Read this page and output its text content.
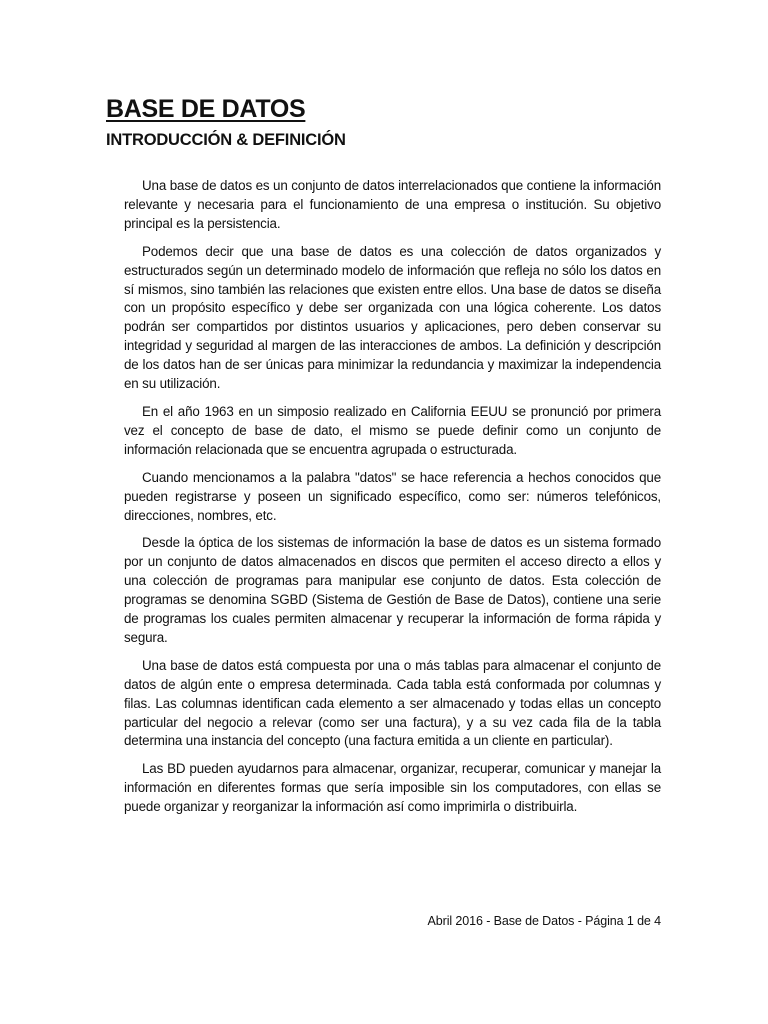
BASE DE DATOS
INTRODUCCIÓN & DEFINICIÓN

Una base de datos es un conjunto de datos interrelacionados que contiene la información relevante y necesaria para el funcionamiento de una empresa o institución. Su objetivo principal es la persistencia.

Podemos decir que una base de datos es una colección de datos organizados y estructurados según un determinado modelo de información que refleja no sólo los datos en sí mismos, sino también las relaciones que existen entre ellos. Una base de datos se diseña con un propósito específico y debe ser organizada con una lógica coherente. Los datos podrán ser compartidos por distintos usuarios y aplicaciones, pero deben conservar su integridad y seguridad al margen de las interacciones de ambos. La definición y descripción de los datos han de ser únicas para minimizar la redundancia y maximizar la independencia en su utilización.

En el año 1963 en un simposio realizado en California EEUU se pronunció por primera vez el concepto de base de dato, el mismo se puede definir como un conjunto de información relacionada que se encuentra agrupada o estructurada.

Cuando mencionamos a la palabra "datos" se hace referencia a hechos conocidos que pueden registrarse y poseen un significado específico, como ser: números telefónicos, direcciones, nombres, etc.

Desde la óptica de los sistemas de información la base de datos es un sistema formado por un conjunto de datos almacenados en discos que permiten el acceso directo a ellos y una colección de programas para manipular ese conjunto de datos. Esta colección de programas se denomina SGBD (Sistema de Gestión de Base de Datos), contiene una serie de programas los cuales permiten almacenar y recuperar la información de forma rápida y segura.

Una base de datos está compuesta por una o más tablas para almacenar el conjunto de datos de algún ente o empresa determinada. Cada tabla está conformada por columnas y filas. Las columnas identifican cada elemento a ser almacenado y todas ellas un concepto particular del negocio a relevar (como ser una factura), y a su vez cada fila de la tabla determina una instancia del concepto (una factura emitida a un cliente en particular).

Las BD pueden ayudarnos para almacenar, organizar, recuperar, comunicar y manejar la información en diferentes formas que sería imposible sin los computadores, con ellas se puede organizar y reorganizar la información así como imprimirla o distribuirla.

Abril 2016 - Base de Datos - Página 1 de 4
